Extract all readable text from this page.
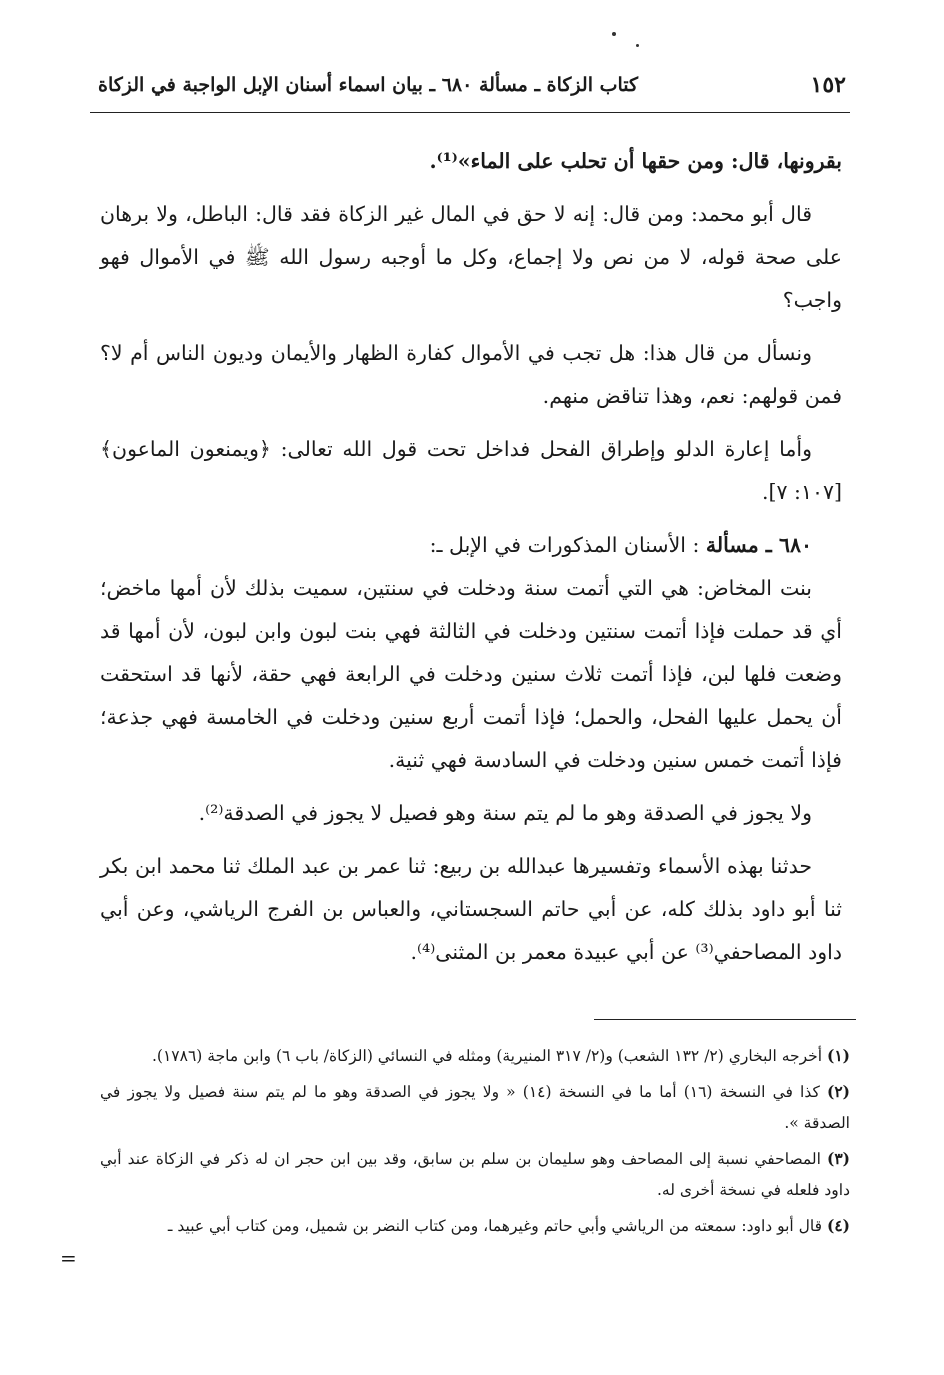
١٥٢
كتاب الزكاة ـ مسألة ٦٨٠ ـ بيان اسماء أسنان الإبل الواجبة في الزكاة

بقرونها، قال: ومن حقها أن تحلب على الماء»⁽¹⁾.

قال أبو محمد: ومن قال: إنه لا حق في المال غير الزكاة فقد قال: الباطل، ولا برهان على صحة قوله، لا من نص ولا إجماع، وكل ما أوجبه رسول الله ﷺ في الأموال فهو واجب؟

ونسأل من قال هذا: هل تجب في الأموال كفارة الظهار والأيمان وديون الناس أم لا؟ فمن قولهم: نعم، وهذا تناقض منهم.

وأما إعارة الدلو وإطراق الفحل فداخل تحت قول الله تعالى: ﴿ويمنعون الماعون﴾ [١٠٧: ٧].

٦٨٠ ـ مسألة : الأسنان المذكورات في الإبل ـ:

بنت المخاض: هي التي أتمت سنة ودخلت في سنتين، سميت بذلك لأن أمها ماخض؛ أي قد حملت فإذا أتمت سنتين ودخلت في الثالثة فهي بنت لبون وابن لبون، لأن أمها قد وضعت فلها لبن، فإذا أتمت ثلاث سنين ودخلت في الرابعة فهي حقة، لأنها قد استحقت أن يحمل عليها الفحل، والحمل؛ فإذا أتمت أربع سنين ودخلت في الخامسة فهي جذعة؛ فإذا أتمت خمس سنين ودخلت في السادسة فهي ثنية.

ولا يجوز في الصدقة وهو ما لم يتم سنة وهو فصيل لا يجوز في الصدقة⁽²⁾.

حدثنا بهذه الأسماء وتفسيرها عبدالله بن ربيع: ثنا عمر بن عبد الملك ثنا محمد ابن بكر ثنا أبو داود بذلك كله، عن أبي حاتم السجستاني، والعباس بن الفرج الرياشي، وعن أبي داود المصاحفي⁽³⁾ عن أبي عبيدة معمر بن المثنى⁽⁴⁾.

(١) أخرجه البخاري (٢/ ١٣٢ الشعب) و(٢/ ٣١٧ المنيرية) ومثله في النسائي (الزكاة/ باب ٦) وابن ماجة (١٧٨٦).

(٢) كذا في النسخة (١٦) أما ما في النسخة (١٤) « ولا يجوز في الصدقة وهو ما لم يتم سنة فصيل ولا يجوز في الصدقة ».

(٣) المصاحفي نسبة إلى المصاحف وهو سليمان بن سلم بن سابق، وقد بين ابن حجر ان له ذكر في الزكاة عند أبي داود فلعله في نسخة أخرى له.

(٤) قال أبو داود: سمعته من الرياشي وأبي حاتم وغيرهما، ومن كتاب النضر بن شميل، ومن كتاب أبي عبيد ـ

=
